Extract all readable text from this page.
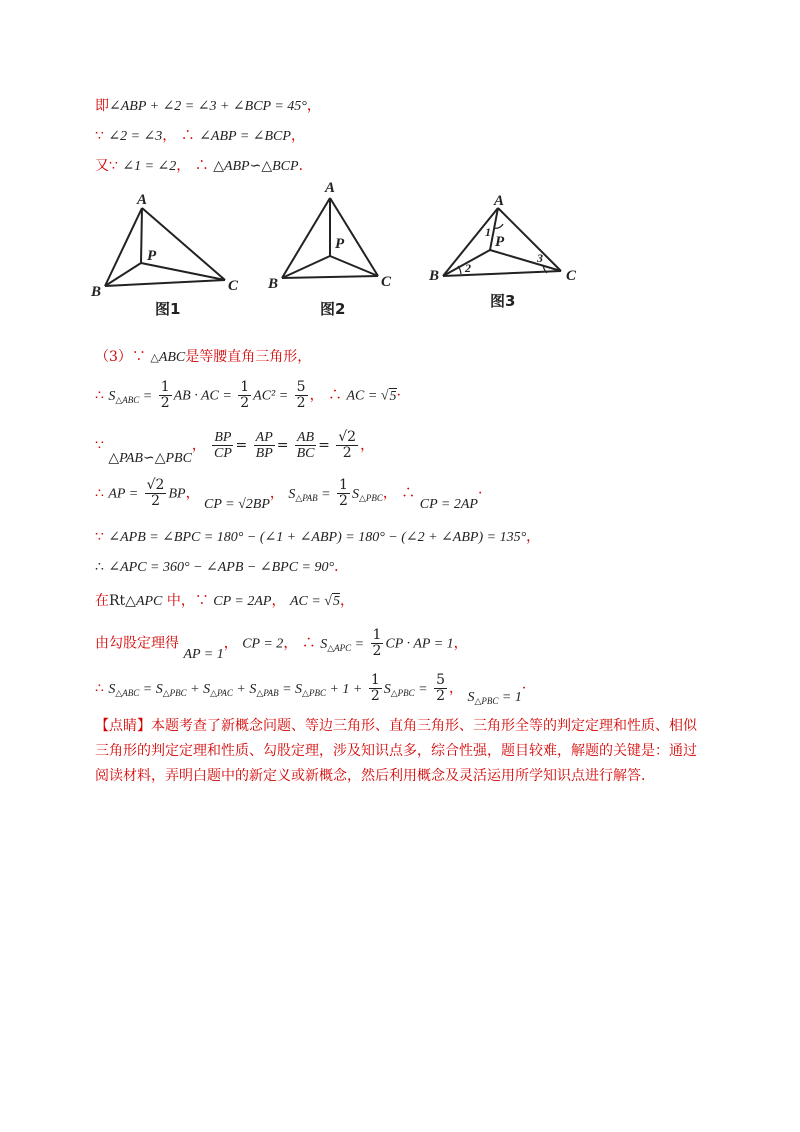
即∠ABP + ∠2 = ∠3 + ∠BCP = 45°，
∵ ∠2 = ∠3， ∴ ∠ABP = ∠BCP，
又∵ ∠1 = ∠2， ∴ △ABP∽△BCP．
A
B	C
P
图1
A
B	C
P
图2
A
B	C
P
1
2
3
图3
（3）∵ △ABC是等腰直角三角形，
∴ $S_{\triangle ABC} = \frac{1}{2}$ AB · AC = $\frac{1}{2} AC^2 = \frac{5}{2}$ ， ∴ AC = √5·
∵ △PAB∽△PBC， $\frac{BP}{CP} = \frac{AP}{BP} = \frac{AB}{BC} = \frac{√2}{2}$ ，
∴ AP = $\frac{√2}{2}$ BP， CP = √2BP， $S_{\triangle PAB} = \frac{1}{2} S_{\triangle PBC}$， ∴ CP = 2AP·
∵ ∠APB = ∠BPC = 180° − (∠1 + ∠ABP) = 180° − (∠2 + ∠ABP) = 135°，
∴ ∠APC = 360° − ∠APB − ∠BPC = 90°．
在Rt△APC 中，∵ CP = 2AP， AC = √5，
由勾股定理得 AP = 1， CP = 2， ∴ $S_{\triangle APC} = \frac{1}{2}$ CP · AP = 1，
∴ $S_{\triangle ABC} = S_{\triangle PBC} + S_{\triangle PAC} + S_{\triangle PAB} = S_{\triangle PBC} + 1 + \frac{1}{2} S_{\triangle PBC} = \frac{5}{2}$ ， $S_{\triangle PBC} = 1\cdot$
【点睛】本题考查了新概念问题、等边三角形、直角三角形、三角形全等的判定定理和性质、相似三角形的判定定理和性质、勾股定理，涉及知识点多，综合性强，题目较难，解题的关键是：通过阅读材料，弄明白题中的新定义或新概念，然后利用概念及灵活运用所学知识点进行解答．
